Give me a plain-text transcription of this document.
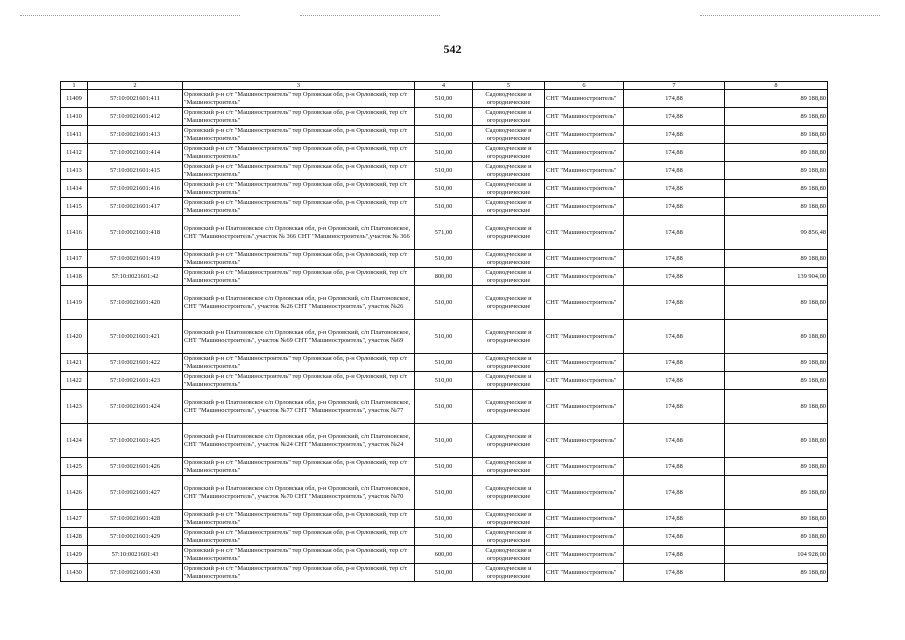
542
1	2	3	4	5	6	7	8
11409	57:10:0021601:411	Орловский р-н с/т "Машиностроитель" тер Орловская обл, р-н Орловский, тер с/т "Машиностроитель"	510,00	Садоводческие и огороднические	СНТ "Машиностроитель"	174,88	89 188,80
11410	57:10:0021601:412	Орловский р-н с/т "Машиностроитель" тер Орловская обл, р-н Орловский, тер с/т "Машиностроитель"	510,00	Садоводческие и огороднические	СНТ "Машиностроитель"	174,88	89 188,80
11411	57:10:0021601:413	Орловский р-н с/т "Машиностроитель" тер Орловская обл, р-н Орловский, тер с/т "Машиностроитель"	510,00	Садоводческие и огороднические	СНТ "Машиностроитель"	174,88	89 188,80
11412	57:10:0021601:414	Орловский р-н с/т "Машиностроитель" тер Орловская обл, р-н Орловский, тер с/т "Машиностроитель"	510,00	Садоводческие и огороднические	СНТ "Машиностроитель"	174,88	89 188,80
11413	57:10:0021601:415	Орловский р-н с/т "Машиностроитель" тер Орловская обл, р-н Орловский, тер с/т "Машиностроитель"	510,00	Садоводческие и огороднические	СНТ "Машиностроитель"	174,88	89 188,80
11414	57:10:0021601:416	Орловский р-н с/т "Машиностроитель" тер Орловская обл, р-н Орловский, тер с/т "Машиностроитель"	510,00	Садоводческие и огороднические	СНТ "Машиностроитель"	174,88	89 188,80
11415	57:10:0021601:417	Орловский р-н с/т "Машиностроитель" тер Орловская обл, р-н Орловский, тер с/т "Машиностроитель"	510,00	Садоводческие и огороднические	СНТ "Машиностроитель"	174,88	89 188,80
11416	57:10:0021601:418	Орловский р-н Платоновское с/п Орловская обл, р-н Орловский, с/п Платоновское, СНТ "Машиностроитель",участок № 366 СНТ "Машиностроитель",участок № 366	571,00	Садоводческие и огороднические	СНТ "Машиностроитель"	174,88	99 856,48
11417	57:10:0021601:419	Орловский р-н с/т "Машиностроитель" тер Орловская обл, р-н Орловский, тер с/т "Машиностроитель"	510,00	Садоводческие и огороднические	СНТ "Машиностроитель"	174,88	89 188,80
11418	57:10:0021601:42	Орловский р-н с/т "Машиностроитель" тер Орловская обл, р-н Орловский, тер с/т "Машиностроитель"	800,00	Садоводческие и огороднические	СНТ "Машиностроитель"	174,88	139 904,00
11419	57:10:0021601:420	Орловский р-н Платоновское с/п Орловская обл, р-н Орловский, с/п Платоновское, СНТ "Машиностроитель", участок №26 СНТ "Машиностроитель", участок №26	510,00	Садоводческие и огороднические	СНТ "Машиностроитель"	174,88	89 188,80
11420	57:10:0021601:421	Орловский р-н Платоновское с/п Орловская обл, р-н Орловский, с/п Платоновское, СНТ "Машиностроитель", участок №69 СНТ "Машиностроитель", участок №69	510,00	Садоводческие и огороднические	СНТ "Машиностроитель"	174,88	89 188,80
11421	57:10:0021601:422	Орловский р-н с/т "Машиностроитель" тер Орловская обл, р-н Орловский, тер с/т "Машиностроитель"	510,00	Садоводческие и огороднические	СНТ "Машиностроитель"	174,88	89 188,80
11422	57:10:0021601:423	Орловский р-н с/т "Машиностроитель" тер Орловская обл, р-н Орловский, тер с/т "Машиностроитель"	510,00	Садоводческие и огороднические	СНТ "Машиностроитель"	174,88	89 188,80
11423	57:10:0021601:424	Орловский р-н Платоновское с/п Орловская обл, р-н Орловский, с/п Платоновское, СНТ "Машиностроитель", участок №77 СНТ "Машиностроитель", участок №77	510,00	Садоводческие и огороднические	СНТ "Машиностроитель"	174,88	89 188,80
11424	57:10:0021601:425	Орловский р-н Платоновское с/п Орловская обл, р-н Орловский, с/п Платоновское, СНТ "Машиностроитель", участок №24 СНТ "Машиностроитель", участок №24	510,00	Садоводческие и огороднические	СНТ "Машиностроитель"	174,88	89 188,80
11425	57:10:0021601:426	Орловский р-н с/т "Машиностроитель" тер Орловская обл, р-н Орловский, тер с/т "Машиностроитель"	510,00	Садоводческие и огороднические	СНТ "Машиностроитель"	174,88	89 188,80
11426	57:10:0021601:427	Орловский р-н Платоновское с/п Орловская обл, р-н Орловский, с/п Платоновское, СНТ "Машиностроитель", участок №70 СНТ "Машиностроитель", участок №70	510,00	Садоводческие и огороднические	СНТ "Машиностроитель"	174,88	89 188,80
11427	57:10:0021601:428	Орловский р-н с/т "Машиностроитель" тер Орловская обл, р-н Орловский, тер с/т "Машиностроитель"	510,00	Садоводческие и огороднические	СНТ "Машиностроитель"	174,88	89 188,80
11428	57:10:0021601:429	Орловский р-н с/т "Машиностроитель" тер Орловская обл, р-н Орловский, тер с/т "Машиностроитель"	510,00	Садоводческие и огороднические	СНТ "Машиностроитель"	174,88	89 188,80
11429	57:10:0021601:43	Орловский р-н с/т "Машиностроитель" тер Орловская обл, р-н Орловский, тер с/т "Машиностроитель"	600,00	Садоводческие и огороднические	СНТ "Машиностроитель"	174,88	104 928,00
11430	57:10:0021601:430	Орловский р-н с/т "Машиностроитель" тер Орловская обл, р-н Орловский, тер с/т "Машиностроитель"	510,00	Садоводческие и огороднические	СНТ "Машиностроитель"	174,88	89 188,80
